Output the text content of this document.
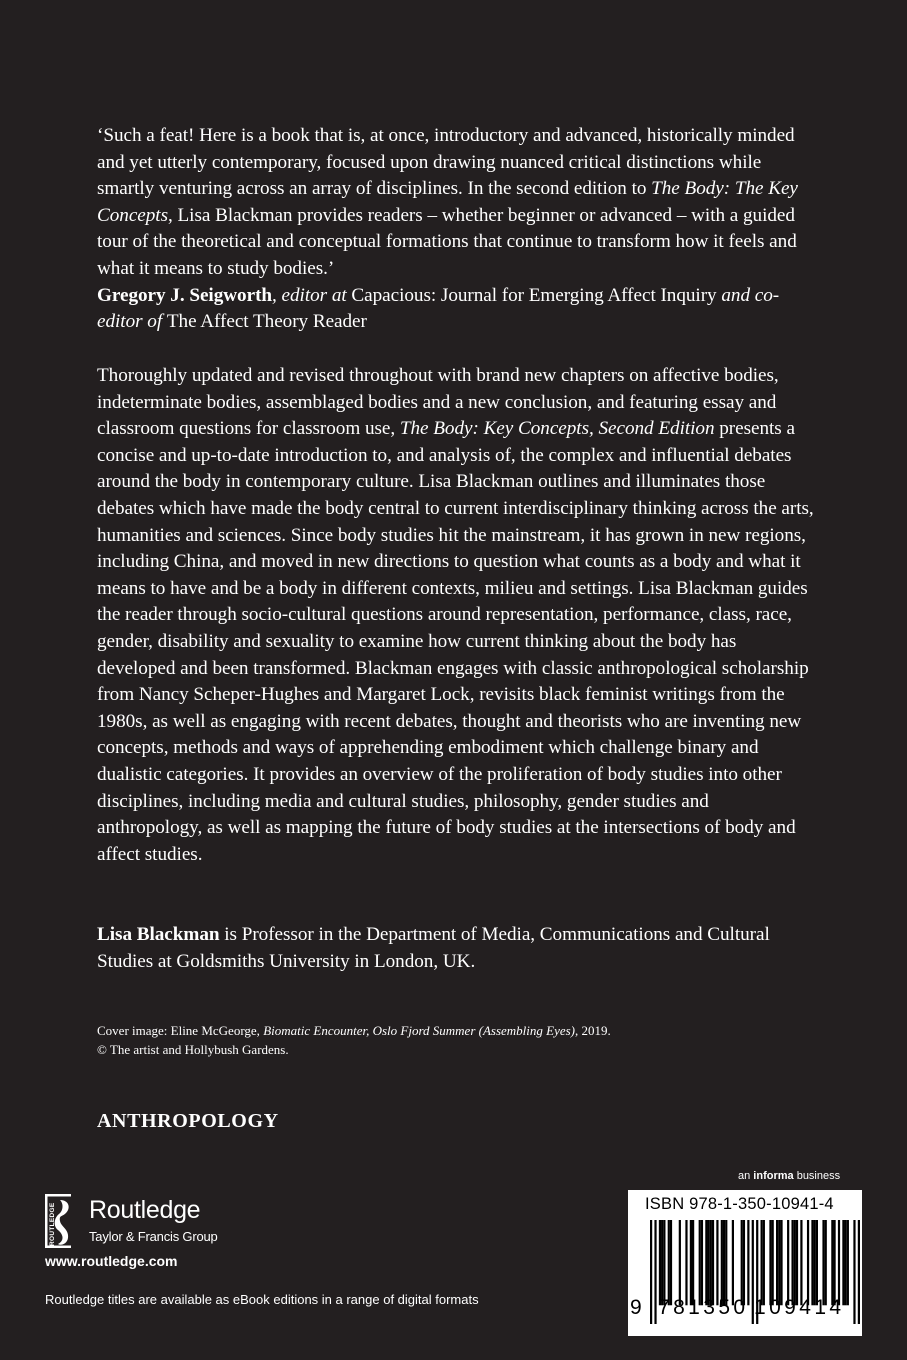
‘Such a feat! Here is a book that is, at once, introductory and advanced, historically minded and yet utterly contemporary, focused upon drawing nuanced critical distinctions while smartly venturing across an array of disciplines. In the second edition to The Body: The Key Concepts, Lisa Blackman provides readers – whether beginner or advanced – with a guided tour of the theoretical and conceptual formations that continue to transform how it feels and what it means to study bodies.’

Gregory J. Seigworth, editor at Capacious: Journal for Emerging Affect Inquiry and co-editor of The Affect Theory Reader

Thoroughly updated and revised throughout with brand new chapters on affective bodies, indeterminate bodies, assemblaged bodies and a new conclusion, and featuring essay and classroom questions for classroom use, The Body: Key Concepts, Second Edition presents a concise and up-to-date introduction to, and analysis of, the complex and influential debates around the body in contemporary culture. Lisa Blackman outlines and illuminates those debates which have made the body central to current interdisciplinary thinking across the arts, humanities and sciences. Since body studies hit the mainstream, it has grown in new regions, including China, and moved in new directions to question what counts as a body and what it means to have and be a body in different contexts, milieu and settings. Lisa Blackman guides the reader through socio-cultural questions around representation, performance, class, race, gender, disability and sexuality to examine how current thinking about the body has developed and been transformed. Blackman engages with classic anthropological scholarship from Nancy Scheper-Hughes and Margaret Lock, revisits black feminist writings from the 1980s, as well as engaging with recent debates, thought and theorists who are inventing new concepts, methods and ways of apprehending embodiment which challenge binary and dualistic categories. It provides an overview of the proliferation of body studies into other disciplines, including media and cultural studies, philosophy, gender studies and anthropology, as well as mapping the future of body studies at the intersections of body and affect studies.

Lisa Blackman is Professor in the Department of Media, Communications and Cultural Studies at Goldsmiths University in London, UK.

Cover image: Eline McGeorge, Biomatic Encounter, Oslo Fjord Summer (Assembling Eyes), 2019.
© The artist and Hollybush Gardens.
ANTHROPOLOGY
ROUTLEDGE Routledge
Taylor & Francis Group
www.routledge.com
Routledge titles are available as eBook editions in a range of digital formats
an informa business
ISBN 978-1-350-10941-4
9 781350 109414
